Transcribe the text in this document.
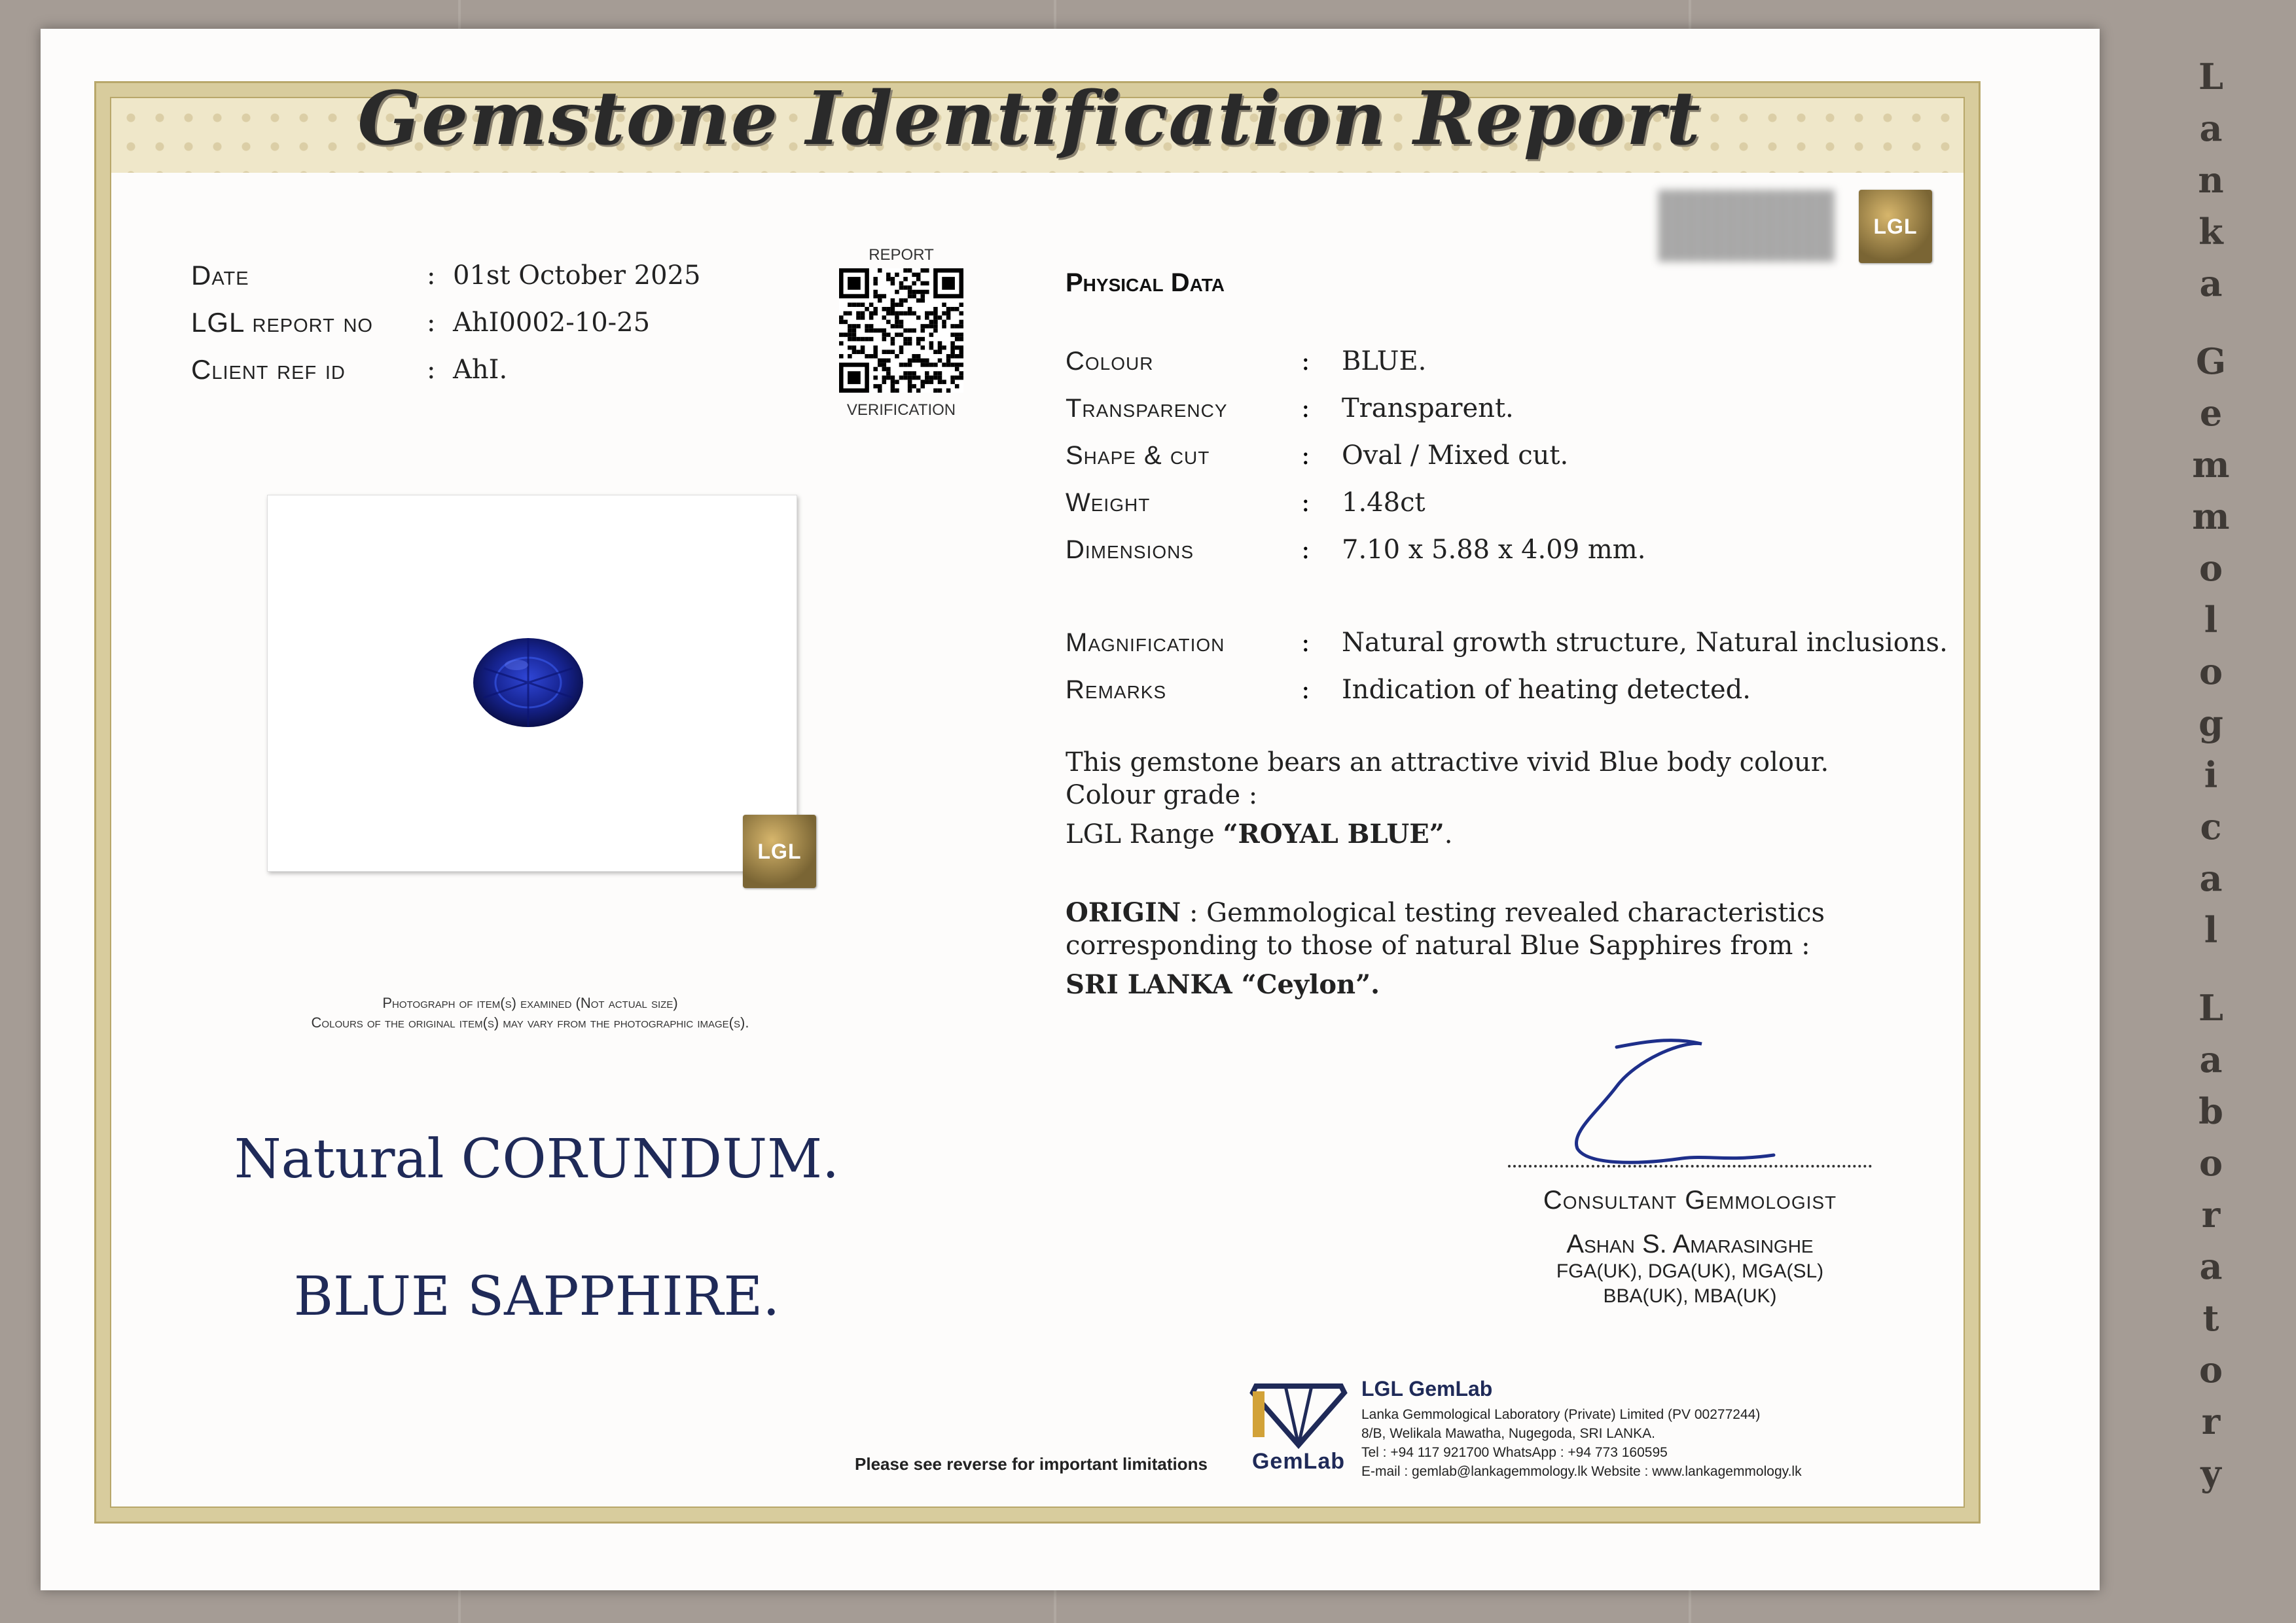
Gemstone Identification Report	L
a
n
k
a
G
e
m
m
o
l
o
g
i
c
a
l
L
a
b
o
r
a
t
o
r
y
Date	: 01st October 2025
LGL report no	: AhI0002-10-25
Client ref id	: AhI.
REPORT
VERIFICATION
LGL
LGL
Photograph of item(s) examined (Not actual size)
Colours of the original item(s) may vary from the photographic image(s).
Natural CORUNDUM.
BLUE SAPPHIRE.
Physical Data
Colour	:	BLUE.
Transparency	:	Transparent.
Shape & cut	:	Oval / Mixed cut.
Weight	:	1.48ct
Dimensions	:	7.10 x 5.88 x 4.09 mm.
Magnification	:	Natural growth structure, Natural inclusions.
Remarks	:	Indication of heating detected.
This gemstone bears an attractive vivid Blue body colour.
Colour grade :
LGL Range “ROYAL BLUE”.
ORIGIN : Gemmological testing revealed characteristics
corresponding to those of natural Blue Sapphires from :
SRI LANKA “Ceylon”.
Consultant Gemmologist
Ashan S. Amarasinghe
FGA(UK), DGA(UK), MGA(SL)
BBA(UK), MBA(UK)
Please see reverse for important limitations GemLab
LGL GemLab
Lanka Gemmological Laboratory (Private) Limited (PV 00277244)
8/B, Welikala Mawatha, Nugegoda, SRI LANKA.
Tel : +94 117 921700 WhatsApp : +94 773 160595
E-mail : gemlab@lankagemmology.lk Website : www.lankagemmology.lk
